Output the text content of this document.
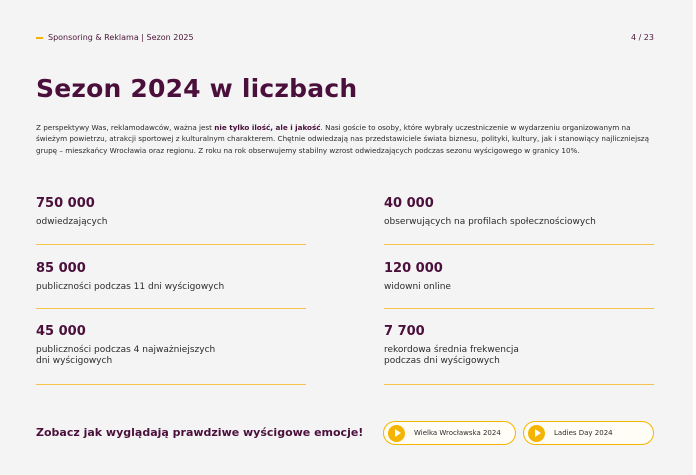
Sponsoring & Reklama | Sezon 2025	4 / 23
Sezon 2024 w liczbach

Z perspektywy Was, reklamodawców, ważna jest nie tylko ilość, ale i jakość. Nasi goście to osoby, które wybrały uczestniczenie w wydarzeniu organizowanym na świeżym powietrzu, atrakcji sportowej z kulturalnym charakterem. Chętnie odwiedzają nas przedstawiciele świata biznesu, polityki, kultury, jak i stanowiący najliczniejszą grupę – mieszkańcy Wrocławia oraz regionu. Z roku na rok obserwujemy stabilny wzrost odwiedzających podczas sezonu wyścigowego w granicy 10%.

750 000
odwiedzających
40 000
obserwujących na profilach społecznościowych
85 000
publiczności podczas 11 dni wyścigowych
120 000
widowni online
45 000
publiczności podczas 4 najważniejszych
dni wyścigowych
7 700
rekordowa średnia frekwencja
podczas dni wyścigowych
Zobacz jak wyglądają prawdziwe wyścigowe emocje!	Wielka Wrocławska 2024	Ladies Day 2024
